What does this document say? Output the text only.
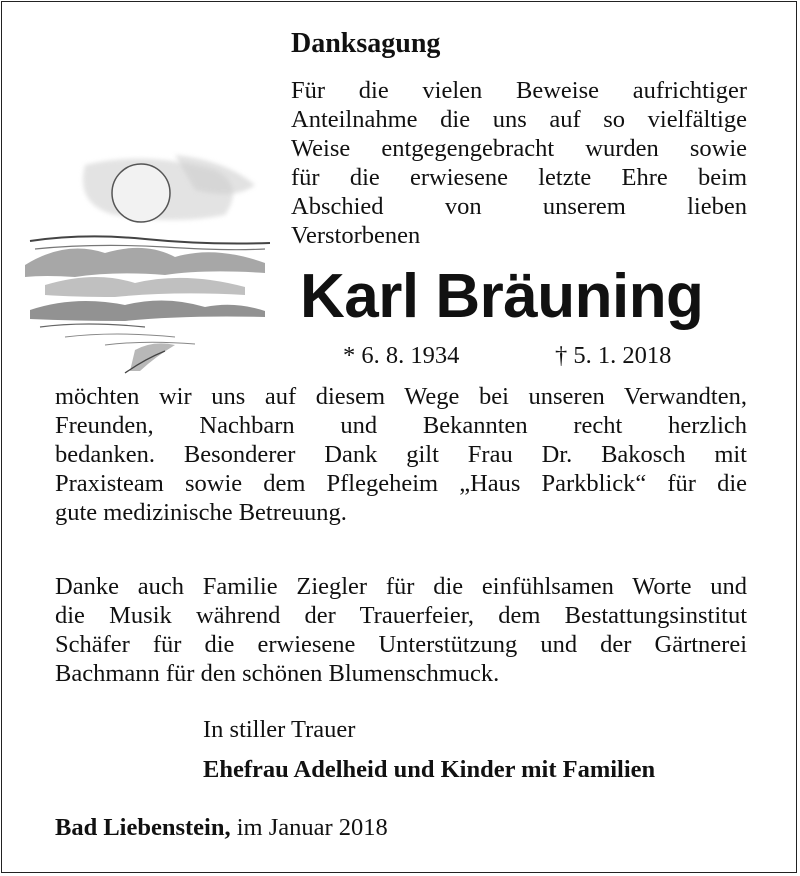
Danksagung

Für die vielen Beweise aufrichtiger
Anteilnahme die uns auf so vielfältige
Weise entgegengebracht wurden sowie
für die erwiesene letzte Ehre beim
Abschied von unserem lieben
Verstorbenen

Karl Bräuning
* 6. 8. 1934	† 5. 1. 2018

möchten wir uns auf diesem Wege bei unseren Verwandten,
Freunden, Nachbarn und Bekannten recht herzlich
bedanken. Besonderer Dank gilt Frau Dr. Bakosch mit
Praxisteam sowie dem Pflegeheim „Haus Parkblick“ für die
gute medizinische Betreuung.

Danke auch Familie Ziegler für die einfühlsamen Worte und
die Musik während der Trauerfeier, dem Bestattungsinstitut
Schäfer für die erwiesene Unterstützung und der Gärtnerei
Bachmann für den schönen Blumenschmuck.

In stiller Trauer
Ehefrau Adelheid und Kinder mit Familien
Bad Liebenstein, im Januar 2018
